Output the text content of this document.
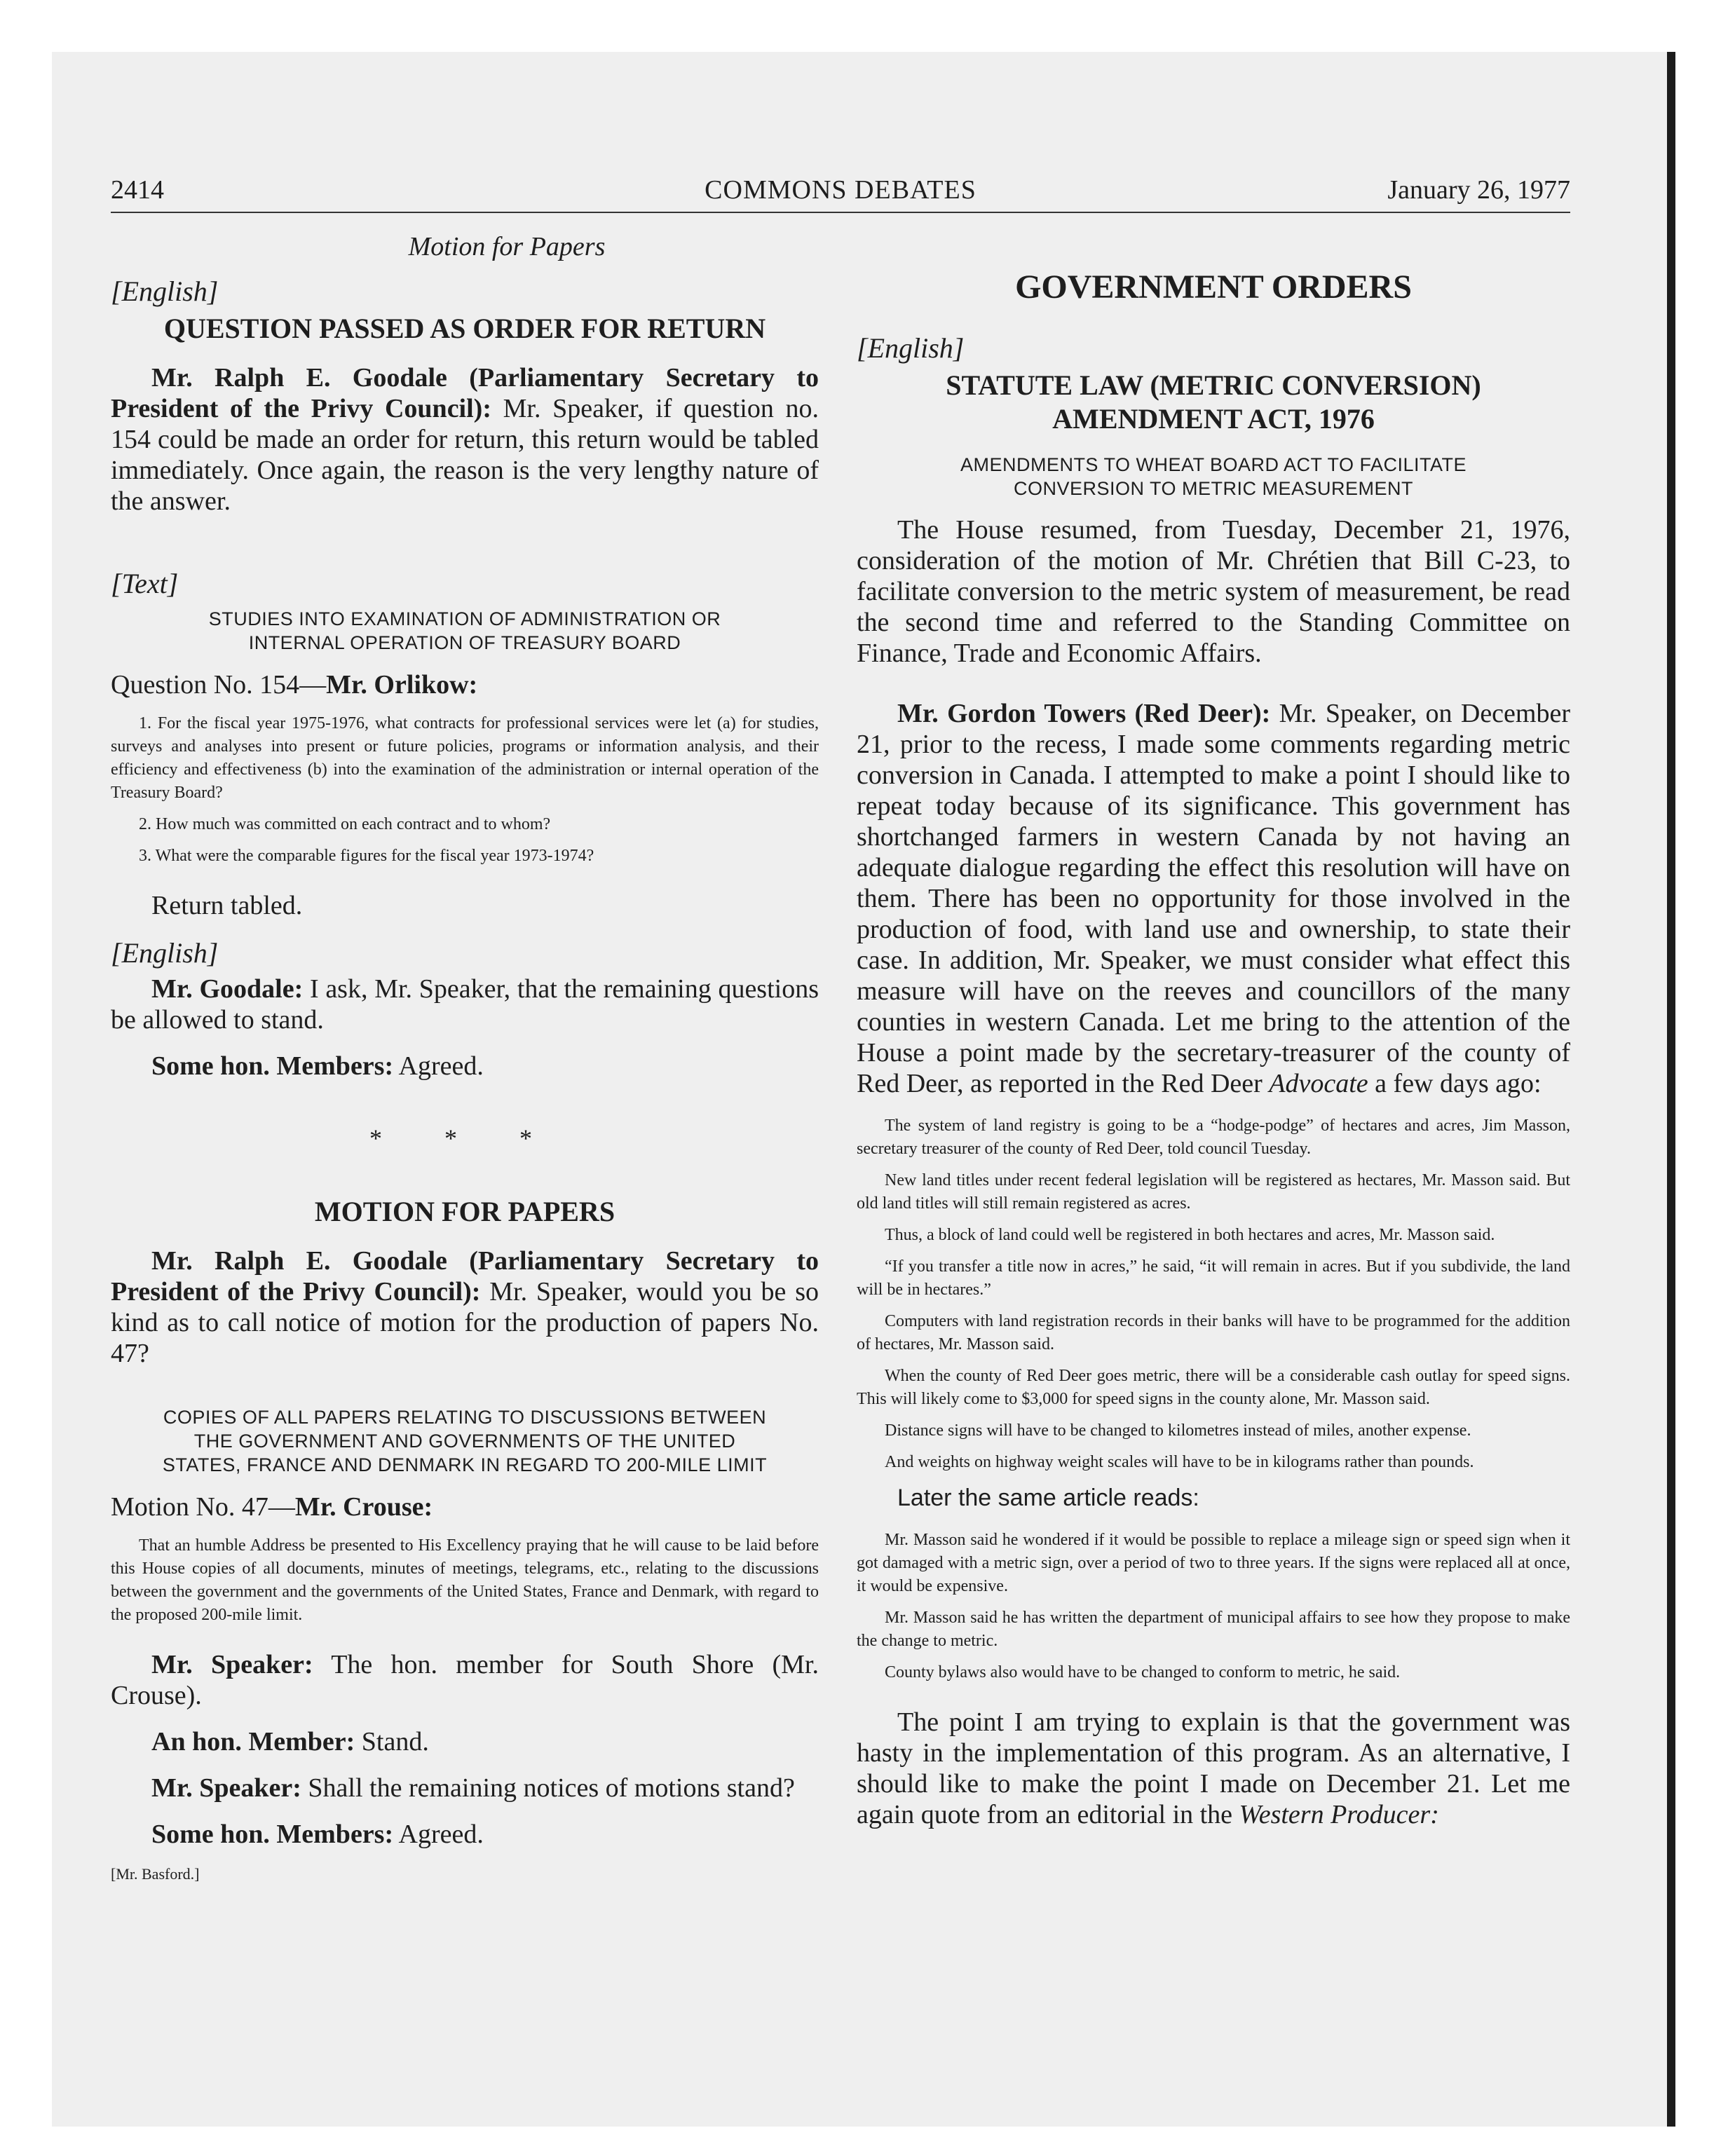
2414	COMMONS DEBATES	January 26, 1977
Motion for Papers
[English]
QUESTION PASSED AS ORDER FOR RETURN

Mr. Ralph E. Goodale (Parliamentary Secretary to President of the Privy Council): Mr. Speaker, if question no. 154 could be made an order for return, this return would be tabled immediately. Once again, the reason is the very lengthy nature of the answer.

[Text]
STUDIES INTO EXAMINATION OF ADMINISTRATION OR
INTERNAL OPERATION OF TREASURY BOARD
Question No. 154—Mr. Orlikow:

1. For the fiscal year 1975-1976, what contracts for professional services were let (a) for studies, surveys and analyses into present or future policies, programs or information analysis, and their efficiency and effectiveness (b) into the examination of the administration or internal operation of the Treasury Board?

2. How much was committed on each contract and to whom?

3. What were the comparable figures for the fiscal year 1973-1974?

Return tabled.

[English]

Mr. Goodale: I ask, Mr. Speaker, that the remaining questions be allowed to stand.

Some hon. Members: Agreed.

* * *
MOTION FOR PAPERS

Mr. Ralph E. Goodale (Parliamentary Secretary to President of the Privy Council): Mr. Speaker, would you be so kind as to call notice of motion for the production of papers No. 47?

COPIES OF ALL PAPERS RELATING TO DISCUSSIONS BETWEEN
THE GOVERNMENT AND GOVERNMENTS OF THE UNITED
STATES, FRANCE AND DENMARK IN REGARD TO 200-MILE LIMIT
Motion No. 47—Mr. Crouse:

That an humble Address be presented to His Excellency praying that he will cause to be laid before this House copies of all documents, minutes of meetings, telegrams, etc., relating to the discussions between the government and the governments of the United States, France and Denmark, with regard to the proposed 200-mile limit.

Mr. Speaker: The hon. member for South Shore (Mr. Crouse).

An hon. Member: Stand.

Mr. Speaker: Shall the remaining notices of motions stand?

Some hon. Members: Agreed.

[Mr. Basford.]
GOVERNMENT ORDERS
[English]
STATUTE LAW (METRIC CONVERSION)
AMENDMENT ACT, 1976
AMENDMENTS TO WHEAT BOARD ACT TO FACILITATE
CONVERSION TO METRIC MEASUREMENT

The House resumed, from Tuesday, December 21, 1976, consideration of the motion of Mr. Chrétien that Bill C-23, to facilitate conversion to the metric system of measurement, be read the second time and referred to the Standing Committee on Finance, Trade and Economic Affairs.

Mr. Gordon Towers (Red Deer): Mr. Speaker, on December 21, prior to the recess, I made some comments regarding metric conversion in Canada. I attempted to make a point I should like to repeat today because of its significance. This government has shortchanged farmers in western Canada by not having an adequate dialogue regarding the effect this resolution will have on them. There has been no opportunity for those involved in the production of food, with land use and ownership, to state their case. In addition, Mr. Speaker, we must consider what effect this measure will have on the reeves and councillors of the many counties in western Canada. Let me bring to the attention of the House a point made by the secretary-treasurer of the county of Red Deer, as reported in the Red Deer Advocate a few days ago:

The system of land registry is going to be a “hodge-podge” of hectares and acres, Jim Masson, secretary treasurer of the county of Red Deer, told council Tuesday.

New land titles under recent federal legislation will be registered as hectares, Mr. Masson said. But old land titles will still remain registered as acres.

Thus, a block of land could well be registered in both hectares and acres, Mr. Masson said.

“If you transfer a title now in acres,” he said, “it will remain in acres. But if you subdivide, the land will be in hectares.”

Computers with land registration records in their banks will have to be programmed for the addition of hectares, Mr. Masson said.

When the county of Red Deer goes metric, there will be a considerable cash outlay for speed signs. This will likely come to $3,000 for speed signs in the county alone, Mr. Masson said.

Distance signs will have to be changed to kilometres instead of miles, another expense.

And weights on highway weight scales will have to be in kilograms rather than pounds.

Later the same article reads:

Mr. Masson said he wondered if it would be possible to replace a mileage sign or speed sign when it got damaged with a metric sign, over a period of two to three years. If the signs were replaced all at once, it would be expensive.

Mr. Masson said he has written the department of municipal affairs to see how they propose to make the change to metric.

County bylaws also would have to be changed to conform to metric, he said.

The point I am trying to explain is that the government was hasty in the implementation of this program. As an alternative, I should like to make the point I made on December 21. Let me again quote from an editorial in the Western Producer:
